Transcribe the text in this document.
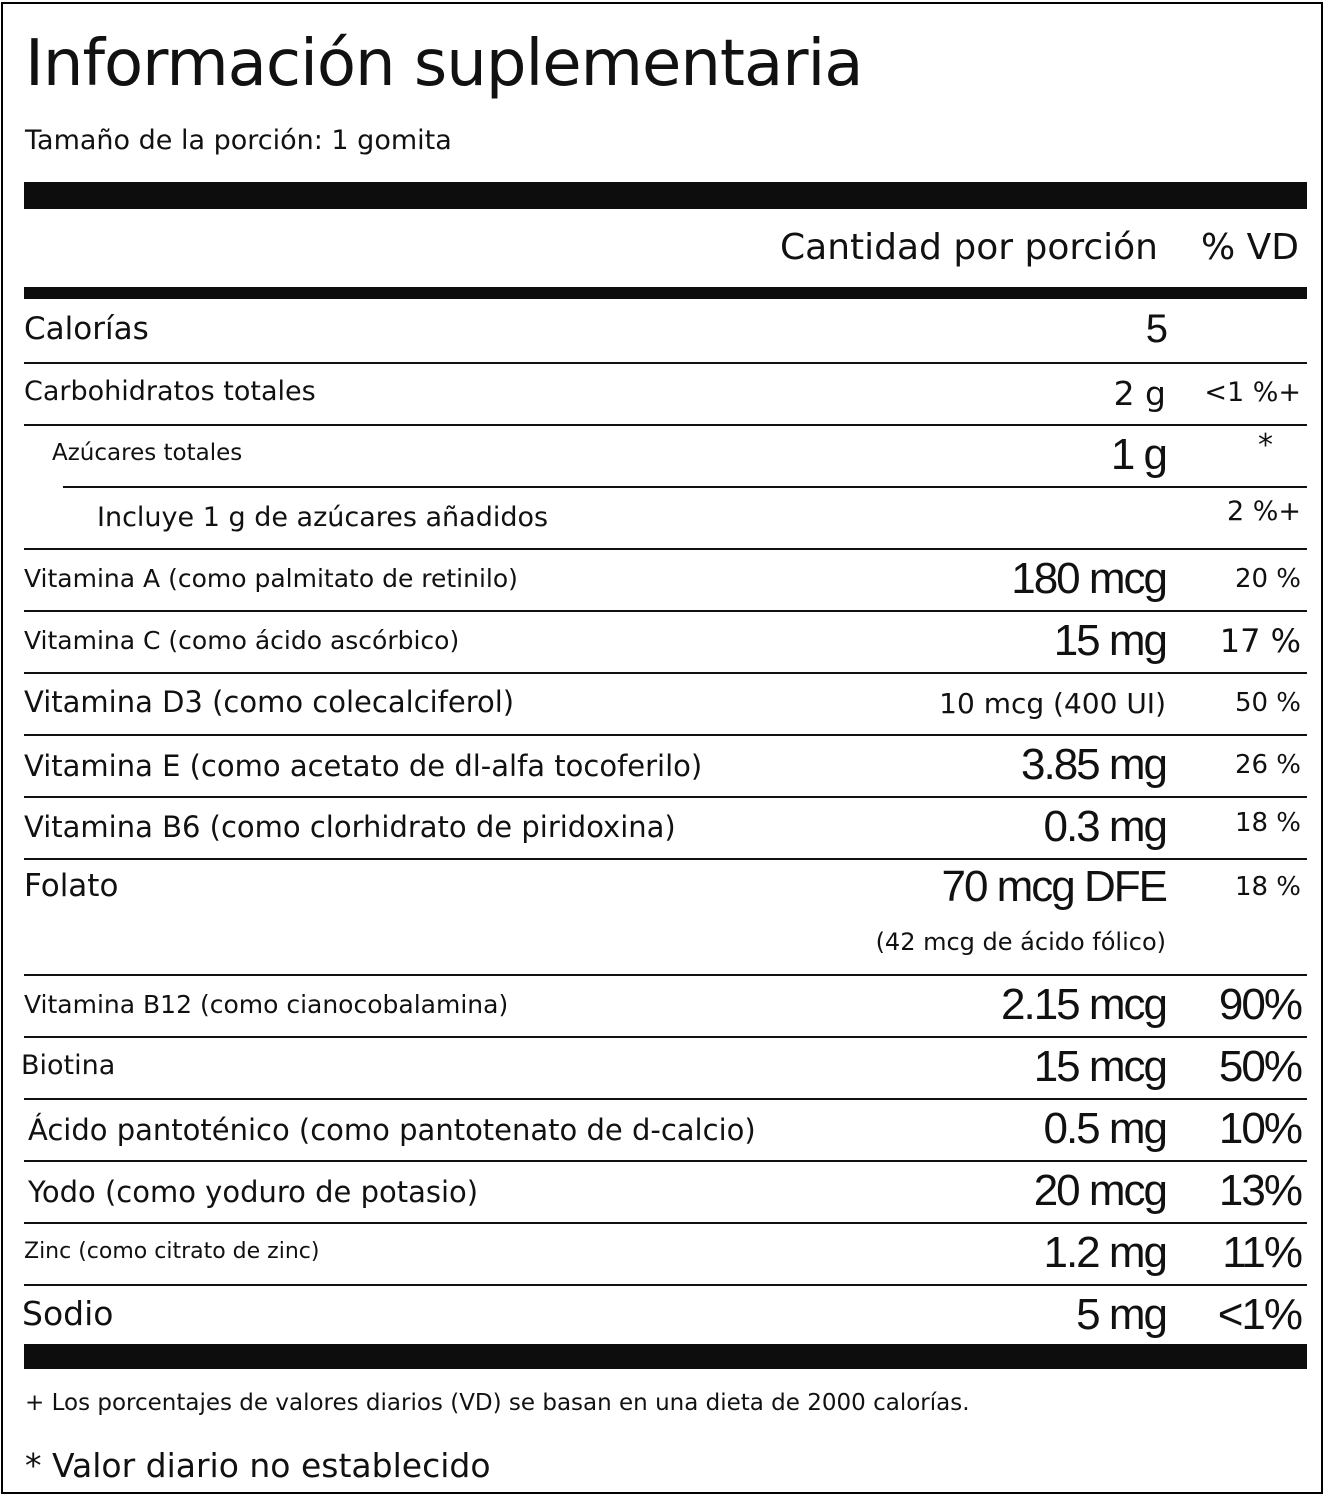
Información suplementaria
Tamaño de la porción: 1 gomita
Cantidad por porción % VD
Calorías	5
Carbohidratos totales	2 g <1 %+
Azúcares totales	1 g	*
Incluye 1 g de azúcares añadidos	2 %+
Vitamina A (como palmitato de retinilo)	180 mcg	20 %
Vitamina C (como ácido ascórbico)	15 mg 17 %
Vitamina D3 (como colecalciferol)	10 mcg (400 UI)	50 %
Vitamina E (como acetato de dl-alfa tocoferilo)	3.85 mg	26 %
Vitamina B6 (como clorhidrato de piridoxina)	0.3 mg	18 %
Folato	70 mcg DFE	18 %
(42 mcg de ácido fólico)
Vitamina B12 (como cianocobalamina)	2.15 mcg 90%
Biotina	15 mcg 50%
Ácido pantoténico (como pantotenato de d-calcio)	0.5 mg 10%
Yodo (como yoduro de potasio)	20 mcg 13%
Zinc (como citrato de zinc)	1.2 mg 11%
Sodio	5 mg <1%
+ Los porcentajes de valores diarios (VD) se basan en una dieta de 2000 calorías.
* Valor diario no establecido
